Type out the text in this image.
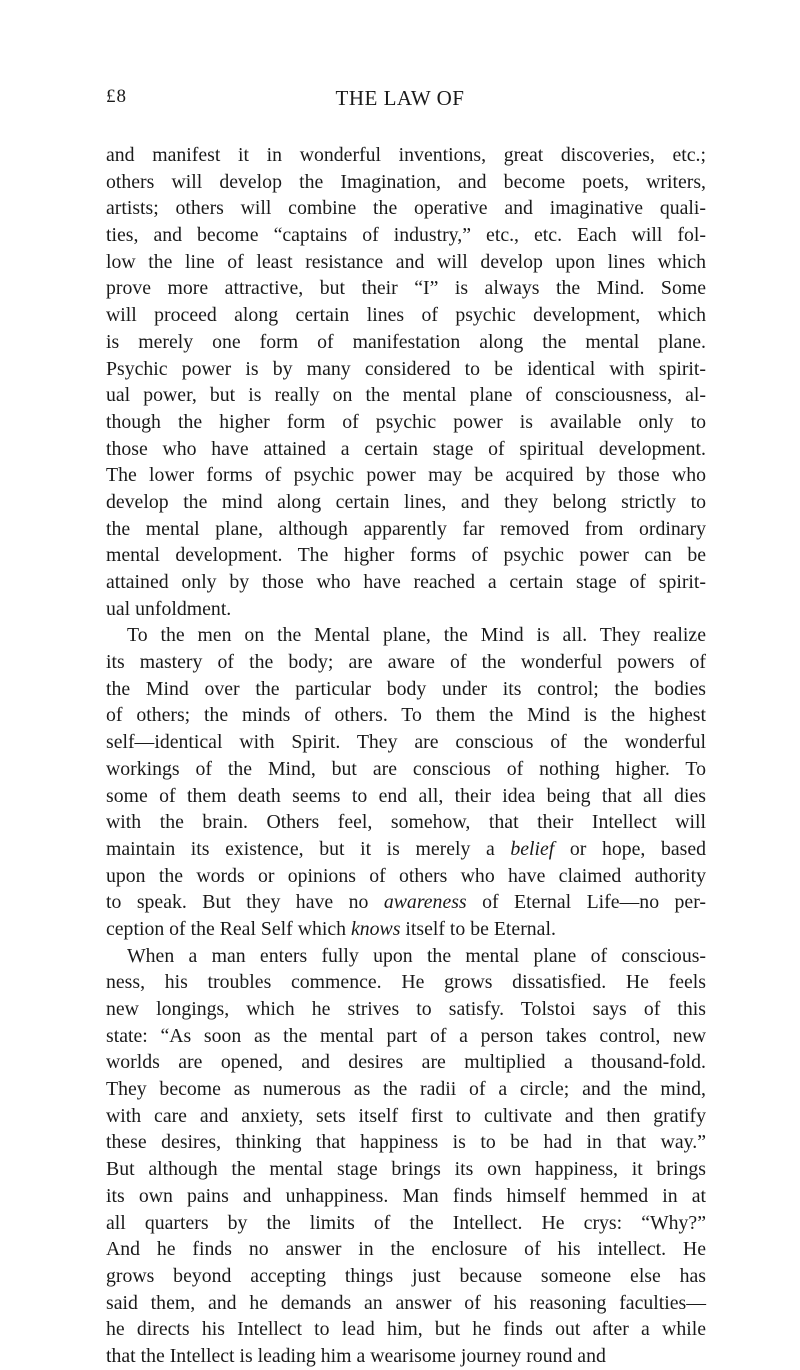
£8	THE LAW OF
and manifest it in wonderful inventions, great discoveries, etc.;
others will develop the Imagination, and become poets, writers,
artists; others will combine the operative and imaginative quali-
ties, and become “captains of industry,” etc., etc. Each will fol-
low the line of least resistance and will develop upon lines which
prove more attractive, but their “I” is always the Mind. Some
will proceed along certain lines of psychic development, which
is merely one form of manifestation along the mental plane.
Psychic power is by many considered to be identical with spirit-
ual power, but is really on the mental plane of consciousness, al-
though the higher form of psychic power is available only to
those who have attained a certain stage of spiritual development.
The lower forms of psychic power may be acquired by those who
develop the mind along certain lines, and they belong strictly to
the mental plane, although apparently far removed from ordinary
mental development. The higher forms of psychic power can be
attained only by those who have reached a certain stage of spirit-
ual unfoldment.
To the men on the Mental plane, the Mind is all. They realize
its mastery of the body; are aware of the wonderful powers of
the Mind over the particular body under its control; the bodies
of others; the minds of others. To them the Mind is the highest
self—identical with Spirit. They are conscious of the wonderful
workings of the Mind, but are conscious of nothing higher. To
some of them death seems to end all, their idea being that all dies
with the brain. Others feel, somehow, that their Intellect will
maintain its existence, but it is merely a belief or hope, based
upon the words or opinions of others who have claimed authority
to speak. But they have no awareness of Eternal Life—no per-
ception of the Real Self which knows itself to be Eternal.
When a man enters fully upon the mental plane of conscious-
ness, his troubles commence. He grows dissatisfied. He feels
new longings, which he strives to satisfy. Tolstoi says of this
state: “As soon as the mental part of a person takes control, new
worlds are opened, and desires are multiplied a thousand-fold.
They become as numerous as the radii of a circle; and the mind,
with care and anxiety, sets itself first to cultivate and then gratify
these desires, thinking that happiness is to be had in that way.”
But although the mental stage brings its own happiness, it brings
its own pains and unhappiness. Man finds himself hemmed in at
all quarters by the limits of the Intellect. He crys: “Why?”
And he finds no answer in the enclosure of his intellect. He
grows beyond accepting things just because someone else has
said them, and he demands an answer of his reasoning faculties—
he directs his Intellect to lead him, but he finds out after a while
that the Intellect is leading him a wearisome journey round and
